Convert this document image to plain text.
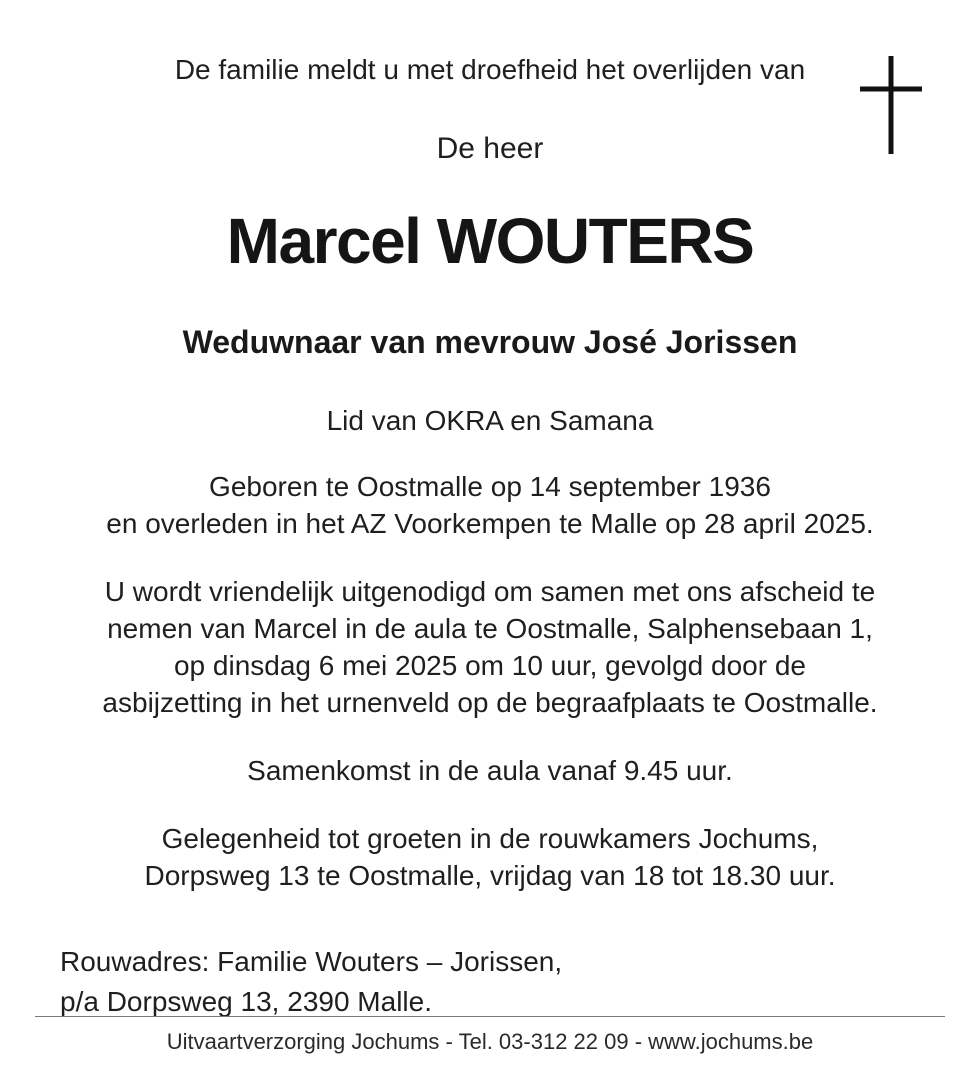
De familie meldt u met droefheid het overlijden van

De heer

Marcel WOUTERS
Weduwnaar van mevrouw José Jorissen

Lid van OKRA en Samana

Geboren te Oostmalle op 14 september 1936
en overleden in het AZ Voorkempen te Malle op 28 april 2025.

U wordt vriendelijk uitgenodigd om samen met ons afscheid te
nemen van Marcel in de aula te Oostmalle, Salphensebaan 1,
op dinsdag 6 mei 2025 om 10 uur, gevolgd door de
asbijzetting in het urnenveld op de begraafplaats te Oostmalle.

Samenkomst in de aula vanaf 9.45 uur.

Gelegenheid tot groeten in de rouwkamers Jochums,
Dorpsweg 13 te Oostmalle, vrijdag van 18 tot 18.30 uur.

Rouwadres: Familie Wouters – Jorissen,
p/a Dorpsweg 13, 2390 Malle.

Uitvaartverzorging Jochums - Tel. 03-312 22 09 - www.jochums.be
